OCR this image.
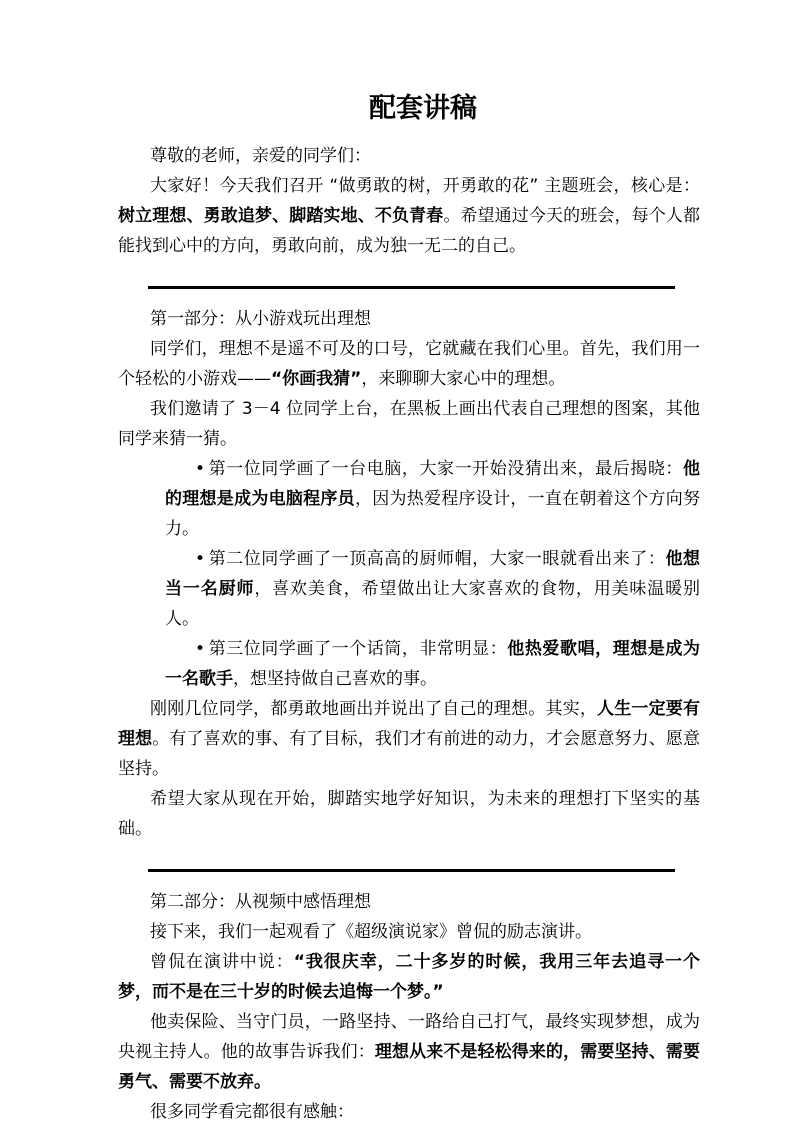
配套讲稿

尊敬的老师，亲爱的同学们：

大家好！今天我们召开 “做勇敢的树，开勇敢的花” 主题班会，核心是：树立理想、勇敢追梦、脚踏实地、不负青春。希望通过今天的班会，每个人都能找到心中的方向，勇敢向前，成为独一无二的自己。

第一部分：从小游戏玩出理想

同学们，理想不是遥不可及的口号，它就藏在我们心里。首先，我们用一个轻松的小游戏——“你画我猜”，来聊聊大家心中的理想。

我们邀请了 3－4 位同学上台，在黑板上画出代表自己理想的图案，其他同学来猜一猜。

• 第一位同学画了一台电脑，大家一开始没猜出来，最后揭晓：他的理想是成为电脑程序员，因为热爱程序设计，一直在朝着这个方向努力。

• 第二位同学画了一顶高高的厨师帽，大家一眼就看出来了：他想当一名厨师，喜欢美食，希望做出让大家喜欢的食物，用美味温暖别人。

• 第三位同学画了一个话筒，非常明显：他热爱歌唱，理想是成为一名歌手，想坚持做自己喜欢的事。

刚刚几位同学，都勇敢地画出并说出了自己的理想。其实，人生一定要有理想。有了喜欢的事、有了目标，我们才有前进的动力，才会愿意努力、愿意坚持。

希望大家从现在开始，脚踏实地学好知识，为未来的理想打下坚实的基础。

第二部分：从视频中感悟理想

接下来，我们一起观看了《超级演说家》曾侃的励志演讲。

曾侃在演讲中说：“我很庆幸，二十多岁的时候，我用三年去追寻一个梦，而不是在三十岁的时候去追悔一个梦。”

他卖保险、当守门员，一路坚持、一路给自己打气，最终实现梦想，成为央视主持人。他的故事告诉我们：理想从来不是轻松得来的，需要坚持、需要勇气、需要不放弃。

很多同学看完都很有感触：
